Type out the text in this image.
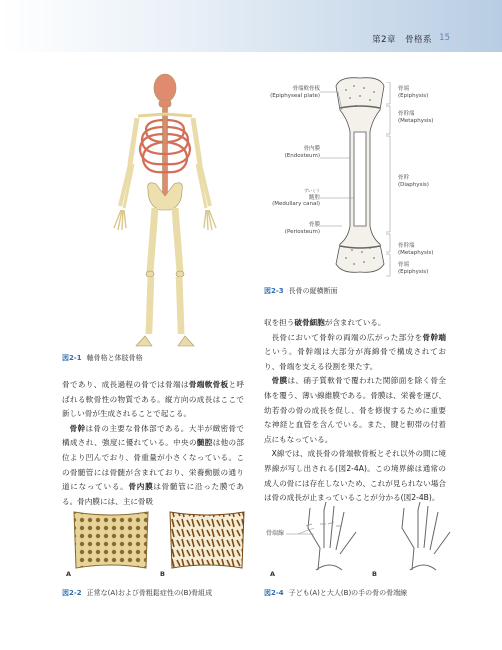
第2章　骨格系 15
図2-1 軸骨格と体肢骨格
骨端軟骨板
(Epiphyseal plate)
骨内膜
(Endosteum)
ずいくう
髄腔
(Medullary canal)
骨膜
(Periosteum)
骨端
(Epiphysis)
骨幹端
(Metaphysis)
骨幹
(Diaphysis)
骨幹端
(Metaphysis)
骨端
(Epiphysis)
図2-3 長骨の縦横断面

収を担う破骨細胞が含まれている。

長骨において骨幹の両端の広がった部分を骨幹端という。骨幹端は大部分が海綿骨で構成されており、骨端を支える役割を果たす。

骨膜は、硝子質軟骨で覆われた関節面を除く骨全体を覆う、薄い線維膜である。骨膜は、栄養を運び、幼若骨の骨の成長を促し、骨を修復するために重要な神経と血管を含んでいる。また、腱と靭帯の付着点にもなっている。

X線では、成長骨の骨端軟骨板とそれ以外の間に境界線が写し出される(図2-4A)。この境界線は通常の成人の骨には存在しないため、これが見られない場合は骨の成長が止まっていることが分かる(図2-4B)。

骨であり、成長過程の骨では骨端は骨端軟骨板と呼ばれる軟骨性の物質である。縦方向の成長はここで新しい骨が生成されることで起こる。

骨幹は骨の主要な骨体部である。大半が緻密骨で構成され、強度に優れている。中央の髄腔は他の部位より凹んでおり、骨重量が小さくなっている。この骨髄管には骨髄が含まれており、栄養動脈の通り道になっている。骨内膜は骨髄管に沿った膜である。骨内膜には、主に骨吸

A	B
図2-2 正常な(A)および骨粗鬆症性の(B)骨組成
骨端線
A	B
図2-4 子ども(A)と大人(B)の手の骨の骨端線
